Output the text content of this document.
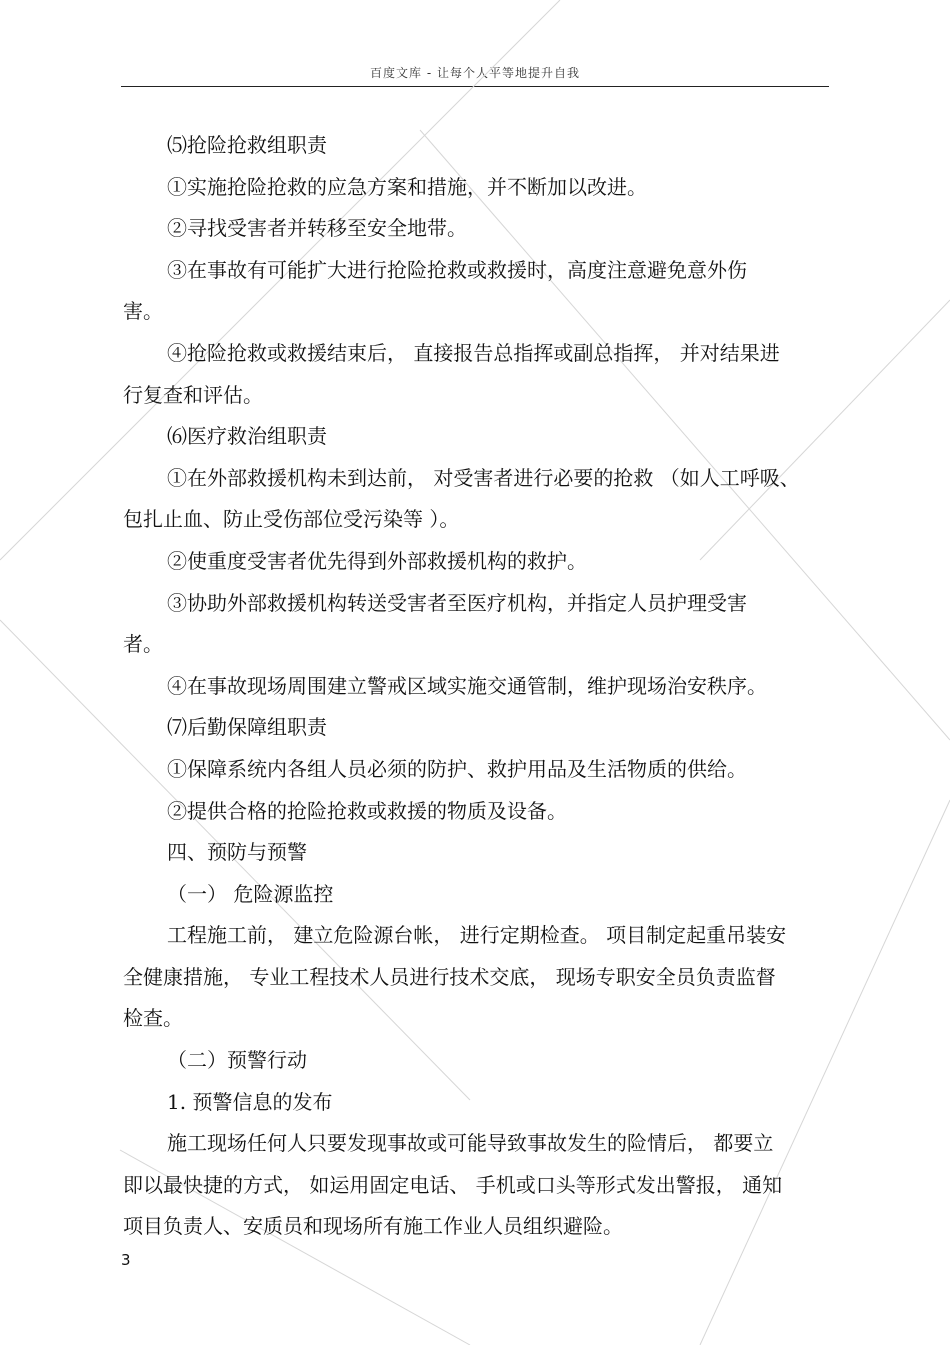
百度文库 - 让每个人平等地提升自我

⑸抢险抢救组职责

①实施抢险抢救的应急方案和措施，并不断加以改进。

②寻找受害者并转移至安全地带。

③在事故有可能扩大进行抢险抢救或救援时，高度注意避免意外伤

害。

④抢险抢救或救援结束后， 直接报告总指挥或副总指挥， 并对结果进

行复查和评估。

⑹医疗救治组职责

①在外部救援机构未到达前， 对受害者进行必要的抢救 （如人工呼吸、

包扎止血、防止受伤部位受污染等 ）。

②使重度受害者优先得到外部救援机构的救护。

③协助外部救援机构转送受害者至医疗机构，并指定人员护理受害

者。

④在事故现场周围建立警戒区域实施交通管制，维护现场治安秩序。

⑺后勤保障组职责

①保障系统内各组人员必须的防护、救护用品及生活物质的供给。

②提供合格的抢险抢救或救援的物质及设备。

四、预防与预警

（一） 危险源监控

工程施工前， 建立危险源台帐， 进行定期检查。 项目制定起重吊装安

全健康措施， 专业工程技术人员进行技术交底， 现场专职安全员负责监督

检查。

（二）预警行动

1. 预警信息的发布

施工现场任何人只要发现事故或可能导致事故发生的险情后， 都要立

即以最快捷的方式， 如运用固定电话、 手机或口头等形式发出警报， 通知

项目负责人、安质员和现场所有施工作业人员组织避险。

3
